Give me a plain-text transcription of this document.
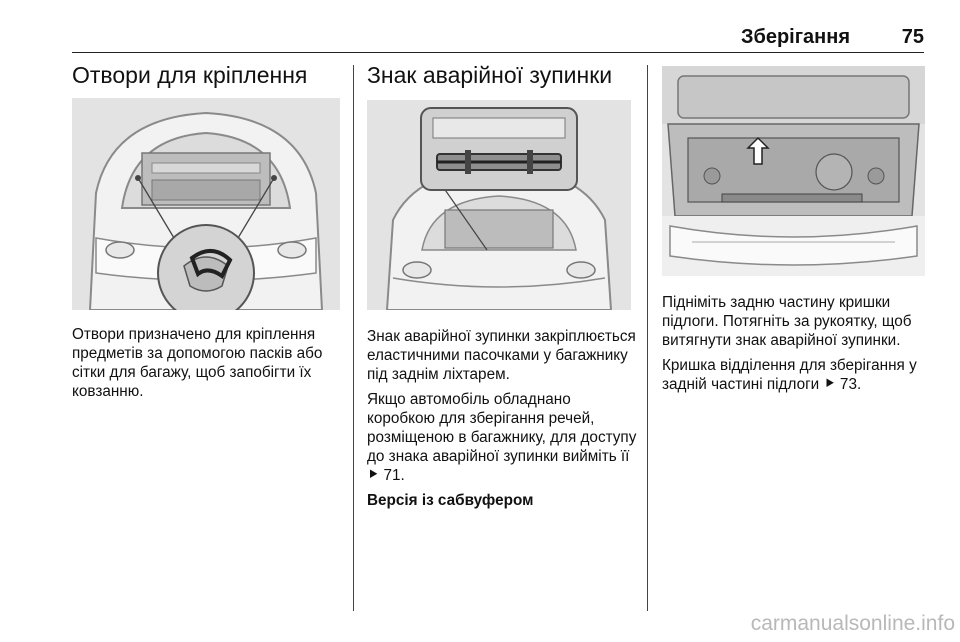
Зберігання	75
Отвори для кріплення

Отвори призначено для кріплення предметів за допомогою пасків або сітки для багажу, щоб запобігти їх ковзанню.

Знак аварійної зупинки

Знак аварійної зупинки закріплюється еластичними пасочками у багажнику під заднім ліхтарем.

Якщо автомобіль обладнано коробкою для зберігання речей, розміщеною в багажнику, для доступу до знака аварійної зупинки вийміть її ⯈ 71.

Версія із сабвуфером

Підніміть задню частину кришки підлоги. Потягніть за рукоятку, щоб витягнути знак аварійної зупинки.

Кришка відділення для зберігання у задній частині підлоги ⯈ 73.

carmanualsonline.info
